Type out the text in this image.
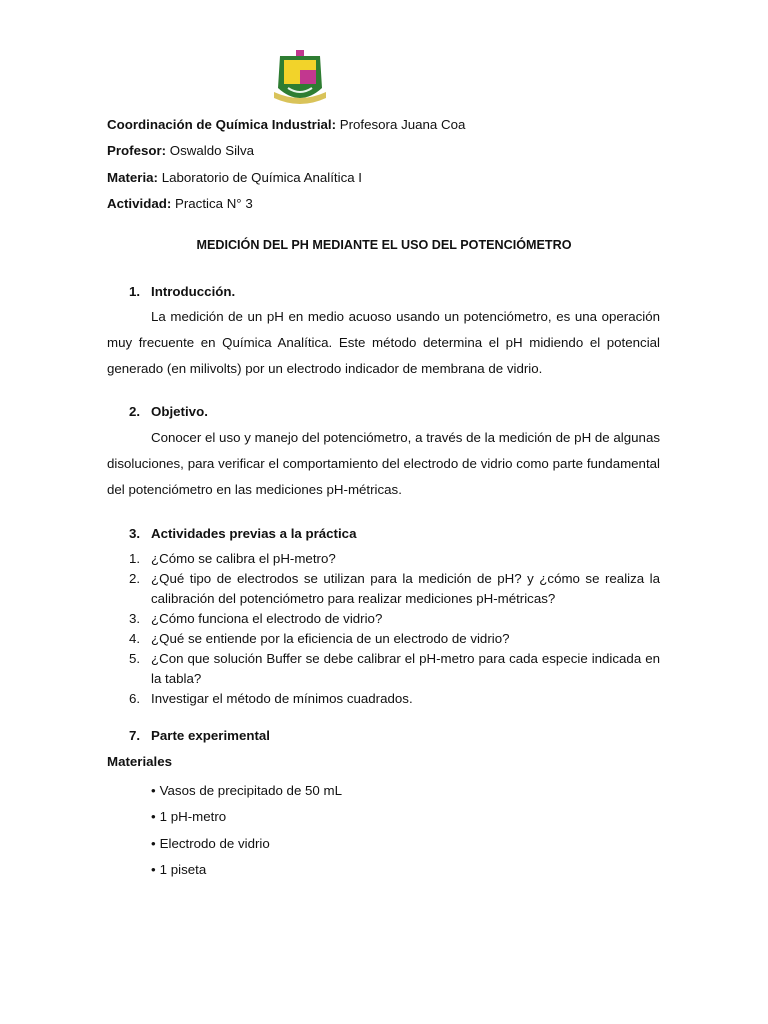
Coordinación de Química Industrial: Profesora Juana Coa
Profesor: Oswaldo Silva
Materia: Laboratorio de Química Analítica I
Actividad: Practica N° 3
MEDICIÓN DEL PH MEDIANTE EL USO DEL POTENCIÓMETRO
1. Introducción.
La medición de un pH en medio acuoso usando un potenciómetro, es una operación muy frecuente en Química Analítica. Este método determina el pH midiendo el potencial generado (en milivolts) por un electrodo indicador de membrana de vidrio.
2. Objetivo.
Conocer el uso y manejo del potenciómetro, a través de la medición de pH de algunas disoluciones, para verificar el comportamiento del electrodo de vidrio como parte fundamental del potenciómetro en las mediciones pH-métricas.
3. Actividades previas a la práctica
1. ¿Cómo se calibra el pH-metro?
2. ¿Qué tipo de electrodos se utilizan para la medición de pH? y ¿cómo se realiza la calibración del potenciómetro para realizar mediciones pH-métricas?
3. ¿Cómo funciona el electrodo de vidrio?
4. ¿Qué se entiende por la eficiencia de un electrodo de vidrio?
5. ¿Con que solución Buffer se debe calibrar el pH-metro para cada especie indicada en la tabla?
6. Investigar el método de mínimos cuadrados.
7. Parte experimental
Materiales
• Vasos de precipitado de 50 mL
• 1 pH-metro
• Electrodo de vidrio
• 1 piseta
